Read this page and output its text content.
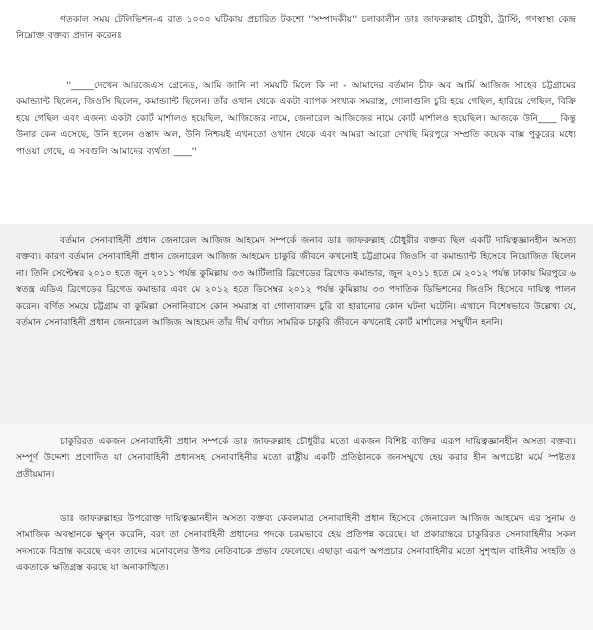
গতকাল সময় টেলিভিশন-এ রাত ১০০০ ঘটিকায় প্রচারিত টকশো ''সম্পাদকীয়'' চলাকালীন ডাঃ জাফরুল্লাহ চৌধুরী, ট্রাস্টি, গণস্বাস্থ্য কেন্দ্র নিম্নোক্ত বক্তব্য প্রদান করেনঃ

''_____দেখেন আরজেএস গ্রেনেড, আমি জানি না সময়টি মিলে কি না - আমাদের বর্তমান চীফ অব আর্মি আজিজ সাহেব চট্টগ্রামের কমান্ড্যান্ট ছিলেন, জিওসি ছিলেন, কমান্ড্যান্ট ছিলেন। তাঁর ওখান থেকে একটা ব্যাপক সংখ্যক সমরাস্ত্র, গোলাগুলি চুরি হয়ে গেছিল, হারিয়ে গেছিল, বিক্রি হয়ে গেছিল এবং এজন্য একটা কোর্ট মার্শালও হয়েছিল, আজিজের নামে, জেনারেল আজিজের নামে কোর্ট মার্শালও হয়েছিল। আজকে উনি____ কিন্তু উনার কেন এসেছে, উনি হলেন ওস্তাদ অল, উনি নিশ্চয়ই এখনতো ওখান থেকে এবং আমরা আরো দেখছি মিরপুরে সম্প্রতি কয়েক বাক্স পুকুরের মধ্যে পাওয়া গেছে, এ সবগুলি আমাদের ব্যর্থতা ____''

বর্তমান সেনাবাহিনী প্রধান জেনারেল আজিজ আহমেদ সম্পর্কে জনাব ডাঃ জাফরুল্লাহ চৌধুরীর বক্তব্য ছিল একটি দায়িত্বজ্ঞানহীন অসত্য বক্তব্য। কারণ বর্তমান সেনাবাহিনী প্রধান জেনারেল আজিজ আহমেদ চাকুরি জীবনে কখনোই চট্টগ্রামের জিওসি বা কমান্ড্যান্ট হিসেবে নিয়োজিত ছিলেন না। তিনি সেপ্টেম্বর ২০১০ হতে জুন ২০১১ পর্যন্ত কুমিল্লায় ৩৩ আর্টিলারি ব্রিগেডের ব্রিগেড কমান্ডার, জুন ২০১১ হতে মে ২০১২ পর্যন্ত ঢাকায় মিরপুরে ৬ স্বতন্ত্র এডিএ ব্রিগেডের ব্রিগেড কমান্ডার এবং মে ২০১২ হতে ডিসেম্বর ২০১২ পর্যন্ত কুমিল্লায় ৩৩ পদাতিক ডিভিশনের জিওসি হিসেবে দায়িত্ব পালন করেন। বর্ণিত সময়ে চট্টগ্রাম বা কুমিল্লা সেনানিবাসে কোন সমরাস্ত্র বা গোলাবারুদ চুরি বা হারানোর কোন ঘটনা ঘটেনি। এখানে বিশেষভাবে উল্লেখ্য যে, বর্তমান সেনাবাহিনী প্রধান জেনারেল আজিজ আহমেদ তাঁর দীর্ঘ বর্ণাঢ্য সামরিক চাকুরি জীবনে কখনোই কোর্ট মার্শালের সম্মুখীন হননি।

চাকুরিরত একজন সেনাবাহিনী প্রধান সম্পর্কে ডাঃ জাফরুল্লাহ চৌধুরীর মতো একজন বিশিষ্ট ব্যক্তির এরূপ দায়িত্বজ্ঞানহীন অসত্য বক্তব্য। সম্পূর্ণ উদ্দেশ্য প্রণোদিত যা সেনাবাহিনী প্রধানসহ সেনাবাহিনীর মতো রাষ্ট্রীয় একটি প্রতিষ্ঠানকে জনসম্মুখে হেয় করার হীন অপচেষ্টা মর্মে স্পষ্টতঃ প্রতীয়মান।

ডাঃ জাফরুল্লাহর উপরোক্ত দায়িত্বজ্ঞানহীন অসত্য বক্তব্য কেবলমাত্র সেনাবাহিনী প্রধান হিসেবে জেনারেল আজিজ আহমেদ এর সুনাম ও সামাজিক অবস্থানকে ক্ষুণ্ন করেনি, বরং তা সেনাবাহিনী প্রধানের পদকে চরমভাবে হেয় প্রতিপন্ন করেছে। যা প্রকারান্তরে চাকুরিরত সেনাবাহিনীর সকল সদস্যকে বিভ্রান্ত করেছে এবং তাদের মনোবলের উপর নেতিবাচক প্রভাব ফেলেছে। এছাড়া এরূপ অপপ্রচার সেনাবাহিনীর মতো সুশৃঙ্খল বাহিনীর সংহতি ও একতাকে ক্ষতিগ্রস্ত করছে যা অনাকাঙ্খিত।
